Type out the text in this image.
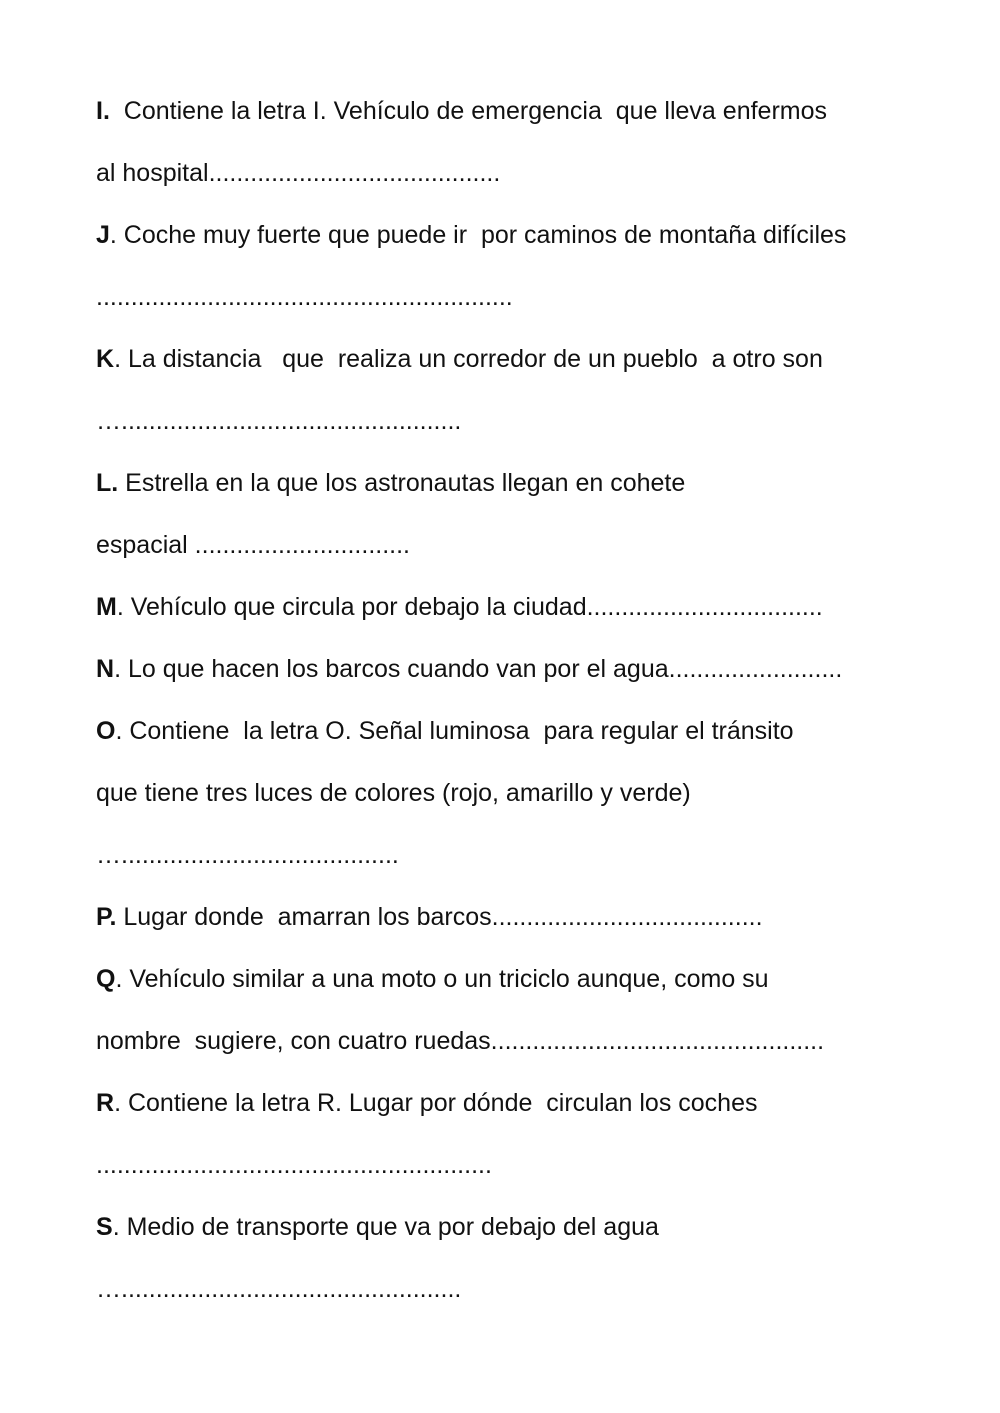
I.  Contiene la letra I. Vehículo de emergencia  que lleva enfermos
al hospital..........................................
J. Coche muy fuerte que puede ir  por caminos de montaña difíciles
............................................................
K. La distancia   que  realiza un corredor de un pueblo  a otro son
….................................................
L. Estrella en la que los astronautas llegan en cohete
espacial ...............................
M. Vehículo que circula por debajo la ciudad..................................
N. Lo que hacen los barcos cuando van por el agua.........................
O. Contiene  la letra O. Señal luminosa  para regular el tránsito
que tiene tres luces de colores (rojo, amarillo y verde)
…........................................
P. Lugar donde  amarran los barcos.......................................
Q. Vehículo similar a una moto o un triciclo aunque, como su
nombre  sugiere, con cuatro ruedas................................................
R. Contiene la letra R. Lugar por dónde  circulan los coches
.........................................................
S. Medio de transporte que va por debajo del agua
….................................................
